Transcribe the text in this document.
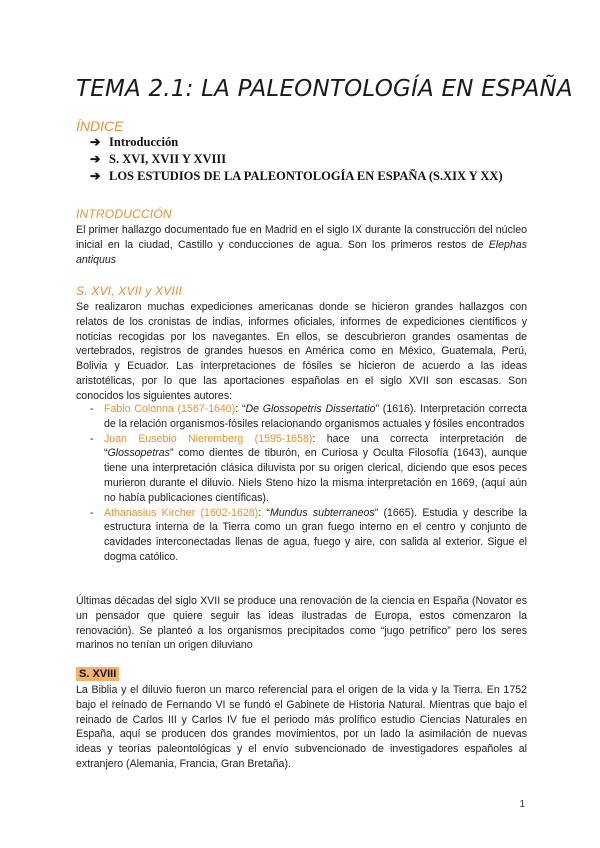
TEMA 2.1: LA PALEONTOLOGÍA EN ESPAÑA
ÍNDICE
➔ Introducción
➔ S. XVI, XVII Y XVIII
➔ LOS ESTUDIOS DE LA PALEONTOLOGÍA EN ESPAÑA (S.XIX Y XX)
INTRODUCCIÓN

El primer hallazgo documentado fue en Madrid en el siglo IX durante la construcción del núcleo inicial en la ciudad, Castillo y conducciones de agua. Son los primeros restos de Elephas antiquus

S. XVI, XVII y XVIII

Se realizaron muchas expediciones americanas donde se hicieron grandes hallazgos con relatos de los cronistas de indias, informes oficiales, informes de expediciones científicos y noticias recogidas por los navegantes. En ellos, se descubrieron grandes osamentas de vertebrados, registros de grandes huesos en América como en México, Guatemala, Perú, Bolivia y Ecuador. Las interpretaciones de fósiles se hicieron de acuerdo a las ideas aristotélicas, por lo que las aportaciones españolas en el siglo XVII son escasas. Son conocidos los siguientes autores:

- Fabio Colonna (1567-1640): “De Glossopetris Dissertatio” (1616). Interpretación correcta de la relación organismos-fósiles relacionando organismos actuales y fósiles encontrados
- Juan Eusebio Nieremberg (1595-1658): hace una correcta interpretación de “Glossopetras” como dientes de tiburón, en Curiosa y Oculta Filosofía (1643), aunque tiene una interpretación clásica diluvista por su origen clerical, diciendo que esos peces murieron durante el diluvio. Niels Steno hizo la misma interpretación en 1669, (aquí aún no había publicaciones científicas).
- Athanasius Kircher (1602-1628): “Mundus subterraneos” (1665). Estudia y describe la estructura interna de la Tierra como un gran fuego interno en el centro y conjunto de cavidades interconectadas llenas de agua, fuego y aire, con salida al exterior. Sigue el dogma católico.

Últimas décadas del siglo XVII se produce una renovación de la ciencia en España (Novator es un pensador que quiere seguir las ideas ilustradas de Europa, estos comenzaron la renovación). Se planteó a los organismos precipitados como “jugo petrífico” pero los seres marinos no tenían un origen diluviano

S. XVIII

La Biblia y el diluvio fueron un marco referencial para el origen de la vida y la Tierra. En 1752 bajo el reinado de Fernando VI se fundó el Gabinete de Historia Natural. Mientras que bajo el reinado de Carlos III y Carlos IV fue el periodo más prolífico estudio Ciencias Naturales en España, aquí se producen dos grandes movimientos, por un lado la asimilación de nuevas ideas y teorías paleontológicas y el envío subvencionado de investigadores españoles al extranjero (Alemania, Francia, Gran Bretaña).

1
